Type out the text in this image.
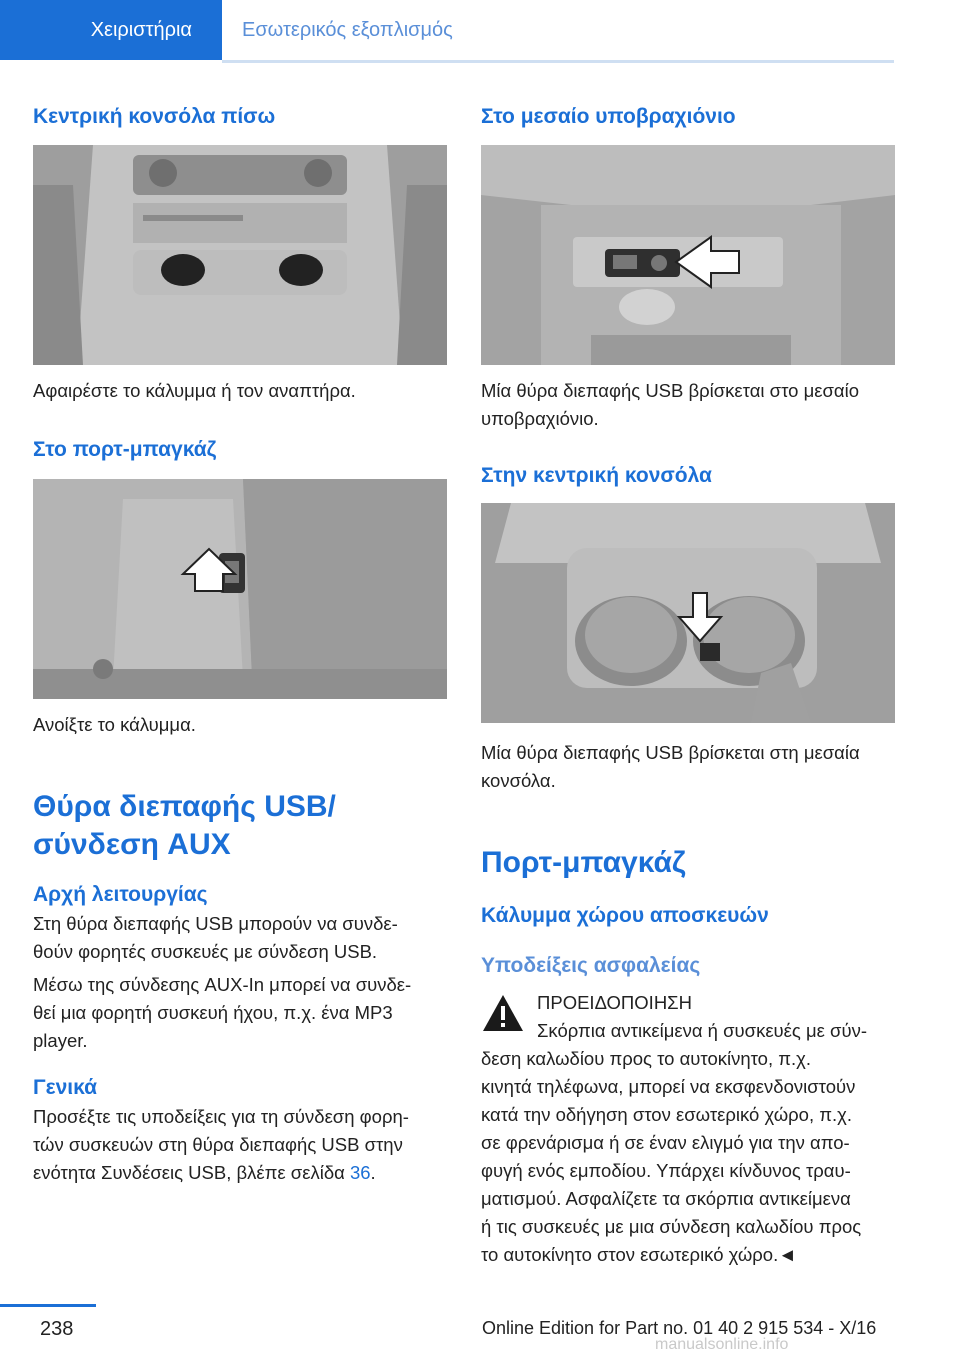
Χειριστήρια	Εσωτερικός εξοπλισμός
Κεντρική κονσόλα πίσω
Αφαιρέστε το κάλυμμα ή τον αναπτήρα.
Στο πορτ-μπαγκάζ
Ανοίξτε το κάλυμμα.
Θύρα διεπαφής USB/
σύνδεση AUX
Αρχή λειτουργίας
Στη θύρα διεπαφής USB μπορούν να συνδε-
θούν φορητές συσκευές με σύνδεση USB.
Μέσω της σύνδεσης AUX-In μπορεί να συνδε-
θεί μια φορητή συσκευή ήχου, π.χ. ένα MP3
player.
Γενικά
Προσέξτε τις υποδείξεις για τη σύνδεση φορη-
τών συσκευών στη θύρα διεπαφής USB στην
ενότητα Συνδέσεις USB, βλέπε σελίδα 36.
Στο μεσαίο υποβραχιόνιο
Μία θύρα διεπαφής USB βρίσκεται στο μεσαίο
υποβραχιόνιο.
Στην κεντρική κονσόλα
Μία θύρα διεπαφής USB βρίσκεται στη μεσαία
κονσόλα.
Πορτ-μπαγκάζ
Κάλυμμα χώρου αποσκευών
Υποδείξεις ασφαλείας
ΠΡΟΕΙΔΟΠΟΙΗΣΗ
Σκόρπια αντικείμενα ή συσκευές με σύν-
δεση καλωδίου προς το αυτοκίνητο, π.χ.
κινητά τηλέφωνα, μπορεί να εκσφενδονιστούν
κατά την οδήγηση στον εσωτερικό χώρο, π.χ.
σε φρενάρισμα ή σε έναν ελιγμό για την απο-
φυγή ενός εμποδίου. Υπάρχει κίνδυνος τραυ-
ματισμού. Ασφαλίζετε τα σκόρπια αντικείμενα
ή τις συσκευές με μια σύνδεση καλωδίου προς
το αυτοκίνητο στον εσωτερικό χώρο.◄
238	Online Edition for Part no. 01 40 2 915 534 - X/16
manualsonline.info
